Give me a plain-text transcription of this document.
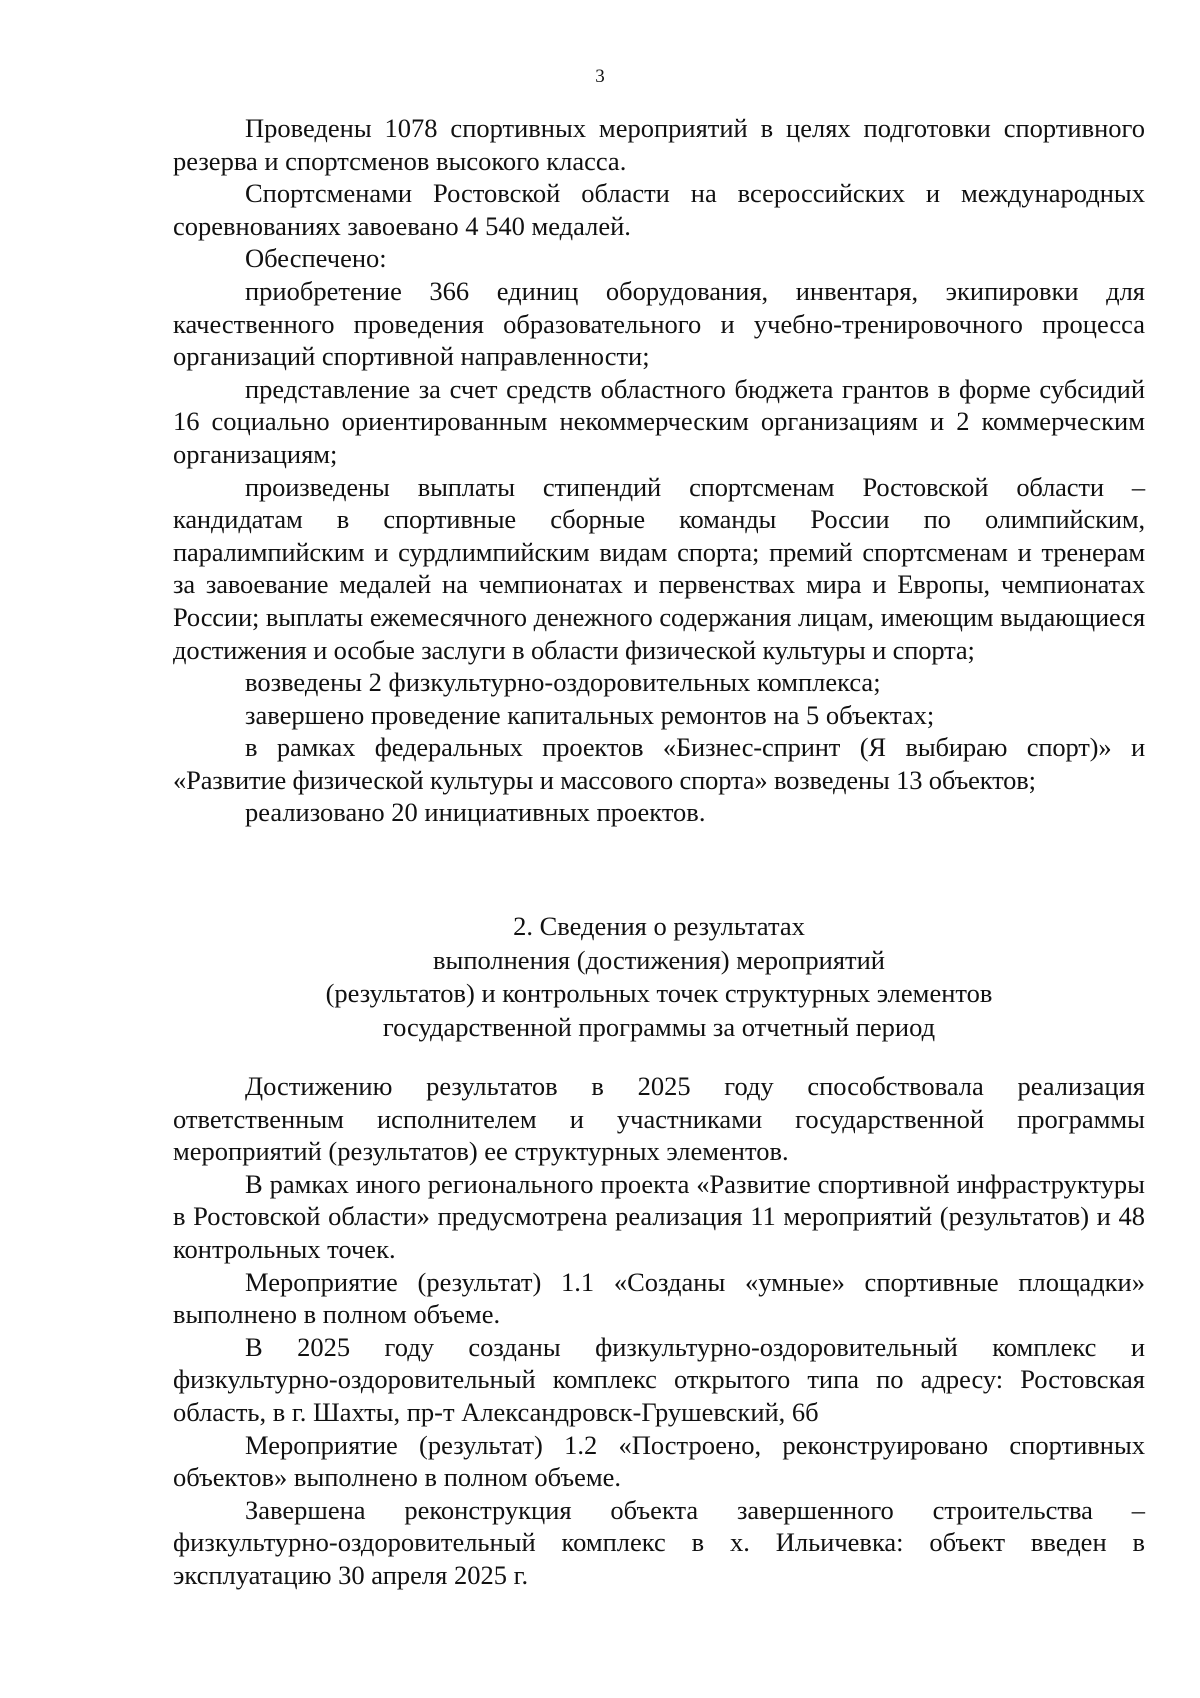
3

Проведены 1078 спортивных мероприятий в целях подготовки спортивного резерва и спортсменов высокого класса.

Спортсменами Ростовской области на всероссийских и международных соревнованиях завоевано 4 540 медалей.

Обеспечено:

приобретение 366 единиц оборудования, инвентаря, экипировки для качественного проведения образовательного и учебно-тренировочного процесса организаций спортивной направленности;

представление за счет средств областного бюджета грантов в форме субсидий 16 социально ориентированным некоммерческим организациям и 2 коммерческим организациям;

произведены выплаты стипендий спортсменам Ростовской области – кандидатам в спортивные сборные команды России по олимпийским, паралимпийским и сурдлимпийским видам спорта; премий спортсменам и тренерам за завоевание медалей на чемпионатах и первенствах мира и Европы, чемпионатах России; выплаты ежемесячного денежного содержания лицам, имеющим выдающиеся достижения и особые заслуги в области физической культуры и спорта;

возведены 2 физкультурно-оздоровительных комплекса;

завершено проведение капитальных ремонтов на 5 объектах;

в рамках федеральных проектов «Бизнес-спринт (Я выбираю спорт)» и «Развитие физической культуры и массового спорта» возведены 13 объектов;

реализовано 20 инициативных проектов.

2. Сведения о результатах
выполнения (достижения) мероприятий
(результатов) и контрольных точек структурных элементов
государственной программы за отчетный период

Достижению результатов в 2025 году способствовала реализация ответственным исполнителем и участниками государственной программы мероприятий (результатов) ее структурных элементов.

В рамках иного регионального проекта «Развитие спортивной инфраструктуры в Ростовской области» предусмотрена реализация 11 мероприятий (результатов) и 48 контрольных точек.

Мероприятие (результат) 1.1 «Созданы «умные» спортивные площадки» выполнено в полном объеме.

В 2025 году созданы физкультурно-оздоровительный комплекс и физкультурно-оздоровительный комплекс открытого типа по адресу: Ростовская область, в г. Шахты, пр-т Александровск-Грушевский, 6б

Мероприятие (результат) 1.2 «Построено, реконструировано спортивных объектов» выполнено в полном объеме.

Завершена реконструкция объекта завершенного строительства – физкультурно-оздоровительный комплекс в х. Ильичевка: объект введен в эксплуатацию 30 апреля 2025 г.
